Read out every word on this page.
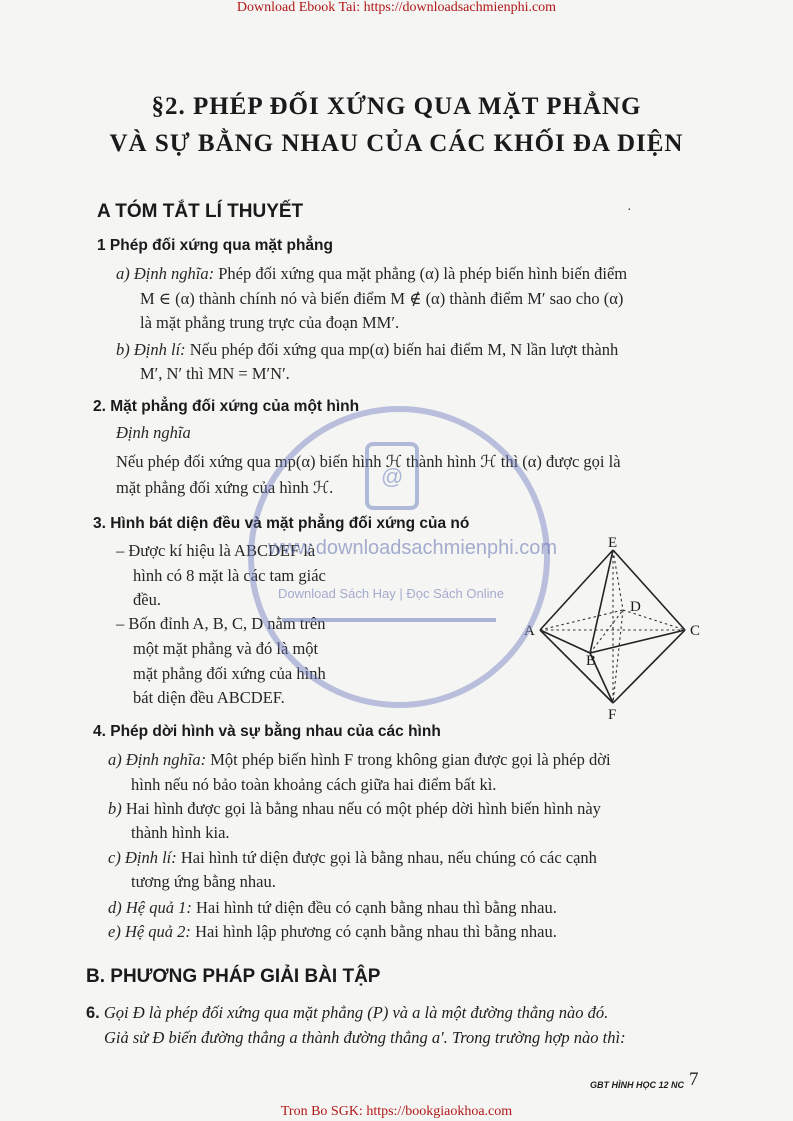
Download Ebook Tai: https://downloadsachmienphi.com
Tron Bo SGK: https://bookgiaokhoa.com
§2. PHÉP ĐỐI XỨNG QUA MẶT PHẲNG
VÀ SỰ BẰNG NHAU CỦA CÁC KHỐI ĐA DIỆN
A TÓM TẮT LÍ THUYẾT	·
1 Phép đối xứng qua mặt phẳng
a) Định nghĩa: Phép đối xứng qua mặt phẳng (α) là phép biến hình biến điểm
M ∈ (α) thành chính nó và biến điểm M ∉ (α) thành điểm M′ sao cho (α)
là mặt phẳng trung trực của đoạn MM′.
b) Định lí: Nếu phép đối xứng qua mp(α) biến hai điểm M, N lần lượt thành
M′, N′ thì MN = M′N′.
2. Mặt phẳng đối xứng của một hình
Định nghĩa
Nếu phép đối xứng qua mp(α) biến hình ℋ thành hình ℋ thì (α) được gọi là
mặt phẳng đối xứng của hình ℋ.
3. Hình bát diện đều và mặt phẳng đối xứng của nó
– Được kí hiệu là ABCDEF là
hình có 8 mặt là các tam giác
đều.
– Bốn đỉnh A, B, C, D nằm trên
một mặt phẳng và đó là một
mặt phẳng đối xứng của hình
bát diện đều ABCDEF.
E
D
A	C
B
F
4. Phép dời hình và sự bằng nhau của các hình
a) Định nghĩa: Một phép biến hình F trong không gian được gọi là phép dời
hình nếu nó bảo toàn khoảng cách giữa hai điểm bất kì.
b) Hai hình được gọi là bằng nhau nếu có một phép dời hình biến hình này
thành hình kia.
c) Định lí: Hai hình tứ diện được gọi là bằng nhau, nếu chúng có các cạnh
tương ứng bằng nhau.
d) Hệ quả 1: Hai hình tứ diện đều có cạnh bằng nhau thì bằng nhau.
e) Hệ quả 2: Hai hình lập phương có cạnh bằng nhau thì bằng nhau.
B. PHƯƠNG PHÁP GIẢI BÀI TẬP
6. Gọi Đ là phép đối xứng qua mặt phẳng (P) và a là một đường thẳng nào đó.
Giả sử Đ biến đường thẳng a thành đường thẳng a′. Trong trường hợp nào thì:
GBT HÌNH HỌC 12 NC 7
@
www.downloadsachmienphi.com
Download Sách Hay | Đọc Sách Online
